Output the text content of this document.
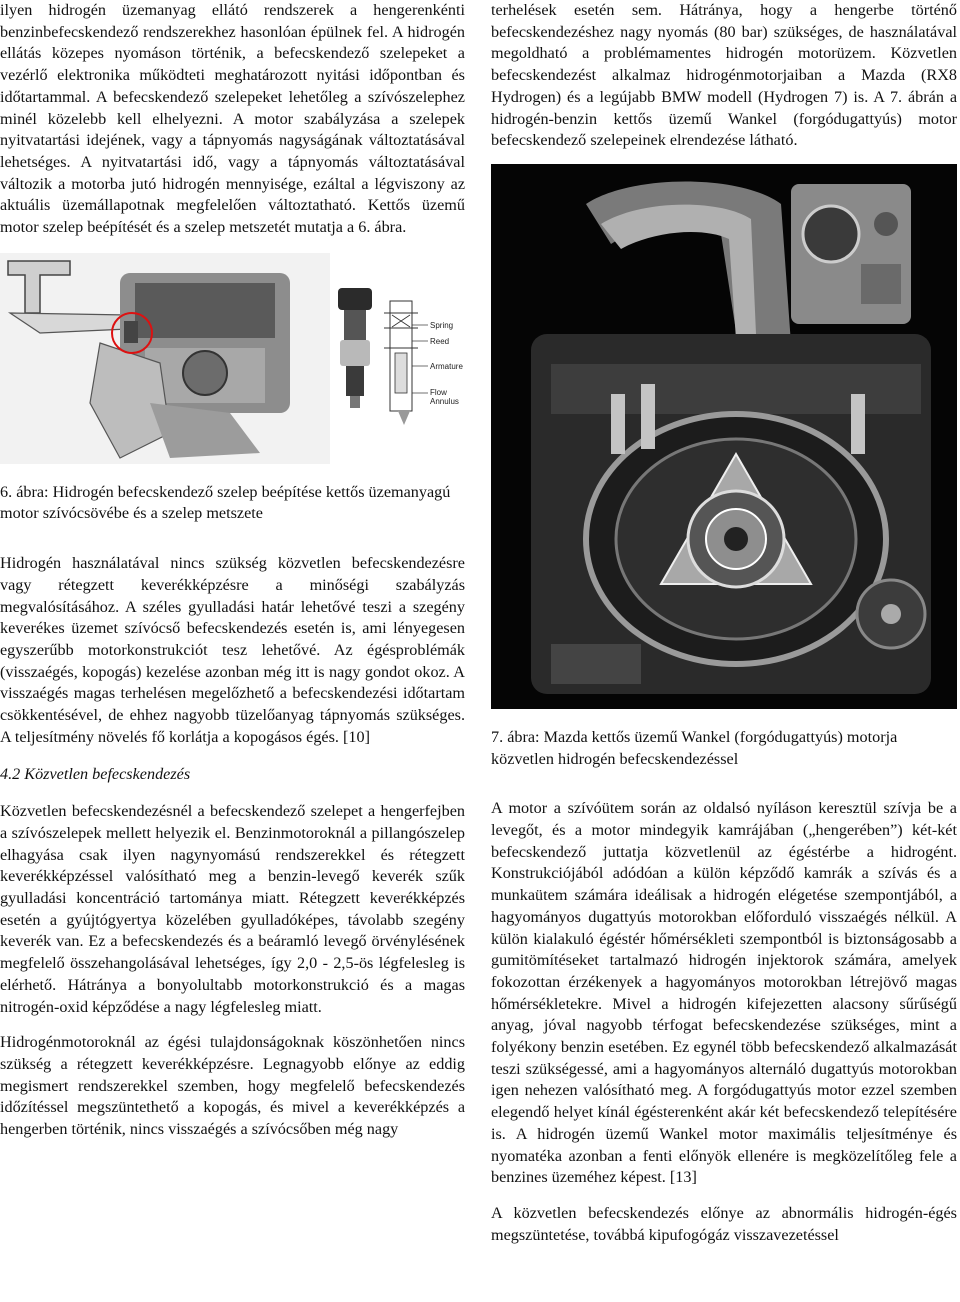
ilyen hidrogén üzemanyag ellátó rendszerek a hengerenkénti benzinbefecskendező rendszerekhez hasonlóan épülnek fel. A hidrogén ellátás közepes nyomáson történik, a befecskendező szelepeket a vezérlő elektronika működteti meghatározott nyitási időpontban és időtartammal. A befecskendező szelepeket lehetőleg a szívószelephez minél közelebb kell elhelyezni. A motor szabályzása a szelepek nyitvatartási idejének, vagy a tápnyomás nagyságának változtatásával lehetséges. A nyitvatartási idő, vagy a tápnyomás változtatásával változik a motorba jutó hidrogén mennyisége, ezáltal a légviszony az aktuális üzemállapotnak megfelelően változtatható. Kettős üzemű motor szelep beépítését és a szelep metszetét mutatja a 6. ábra.

Spring
Reed
Armature
Flow
Annulus

6. ábra: Hidrogén befecskendező szelep beépítése kettős üzemanyagú motor szívócsövébe és a szelep metszete

Hidrogén használatával nincs szükség közvetlen befecskendezésre vagy rétegzett keverékképzésre a minőségi szabályzás megvalósításához. A széles gyulladási határ lehetővé teszi a szegény keverékes üzemet szívócső befecskendezés esetén is, ami lényegesen egyszerűbb motorkonstrukciót tesz lehetővé. Az égésproblémák (visszaégés, kopogás) kezelése azonban még itt is nagy gondot okoz. A visszaégés magas terhelésen megelőzhető a befecskendezési időtartam csökkentésével, de ehhez nagyobb tüzelőanyag tápnyomás szükséges. A teljesítmény növelés fő korlátja a kopogásos égés. [10]

4.2 Közvetlen befecskendezés

Közvetlen befecskendezésnél a befecskendező szelepet a hengerfejben a szívószelepek mellett helyezik el. Benzinmotoroknál a pillangószelep elhagyása csak ilyen nagynyomású rendszerekkel és rétegzett keverékképzéssel valósítható meg a benzin-levegő keverék szűk gyulladási koncentráció tartománya miatt. Rétegzett keverékképzés esetén a gyújtógyertya közelében gyulladóképes, távolabb szegény keverék van. Ez a befecskendezés és a beáramló levegő örvénylésének megfelelő összehangolásával lehetséges, így 2,0 - 2,5-ös légfelesleg is elérhető. Hátránya a bonyolultabb motorkonstrukció és a magas nitrogén-oxid képződése a nagy légfelesleg miatt.

Hidrogénmotoroknál az égési tulajdonságoknak köszönhetően nincs szükség a rétegzett keverékképzésre. Legnagyobb előnye az eddig megismert rendszerekkel szemben, hogy megfelelő befecskendezés időzítéssel megszüntethető a kopogás, és mivel a keverékképzés a hengerben történik, nincs visszaégés a szívócsőben még nagy

terhelések esetén sem. Hátránya, hogy a hengerbe történő befecskendezéshez nagy nyomás (80 bar) szükséges, de használatával megoldható a problémamentes hidrogén motorüzem. Közvetlen befecskendezést alkalmaz hidrogénmotorjaiban a Mazda (RX8 Hydrogen) és a legújabb BMW modell (Hydrogen 7) is. A 7. ábrán a hidrogén-benzin kettős üzemű Wankel (forgódugattyús) motor befecskendező szelepeinek elrendezése látható.

7. ábra: Mazda kettős üzemű Wankel (forgódugattyús) motorja közvetlen hidrogén befecskendezéssel

A motor a szívóütem során az oldalsó nyíláson keresztül szívja be a levegőt, és a motor mindegyik kamrájában („hengerében”) két-két befecskendező juttatja közvetlenül az égéstérbe a hidrogént. Konstrukciójából adódóan a külön képződő kamrák a szívás és a munkaütem számára ideálisak a hidrogén elégetése szempontjából, a hagyományos dugattyús motorokban előforduló visszaégés nélkül. A külön kialakuló égéstér hőmérsékleti szempontból is biztonságosabb a gumitömítéseket tartalmazó hidrogén injektorok számára, amelyek fokozottan érzékenyek a hagyományos motorokban létrejövő magas hőmérsékletekre. Mivel a hidrogén kifejezetten alacsony sűrűségű anyag, jóval nagyobb térfogat befecskendezése szükséges, mint a folyékony benzin esetében. Ez egynél több befecskendező alkalmazását teszi szükségessé, ami a hagyományos alternáló dugattyús motorokban igen nehezen valósítható meg. A forgódugattyús motor ezzel szemben elegendő helyet kínál égésterenként akár két befecskendező telepítésére is. A hidrogén üzemű Wankel motor maximális teljesítménye és nyomatéka azonban a fenti előnyök ellenére is megközelítőleg fele a benzines üzeméhez képest. [13]

A közvetlen befecskendezés előnye az abnormális hidrogén-égés megszüntetése, továbbá kipufogógáz visszavezetéssel
